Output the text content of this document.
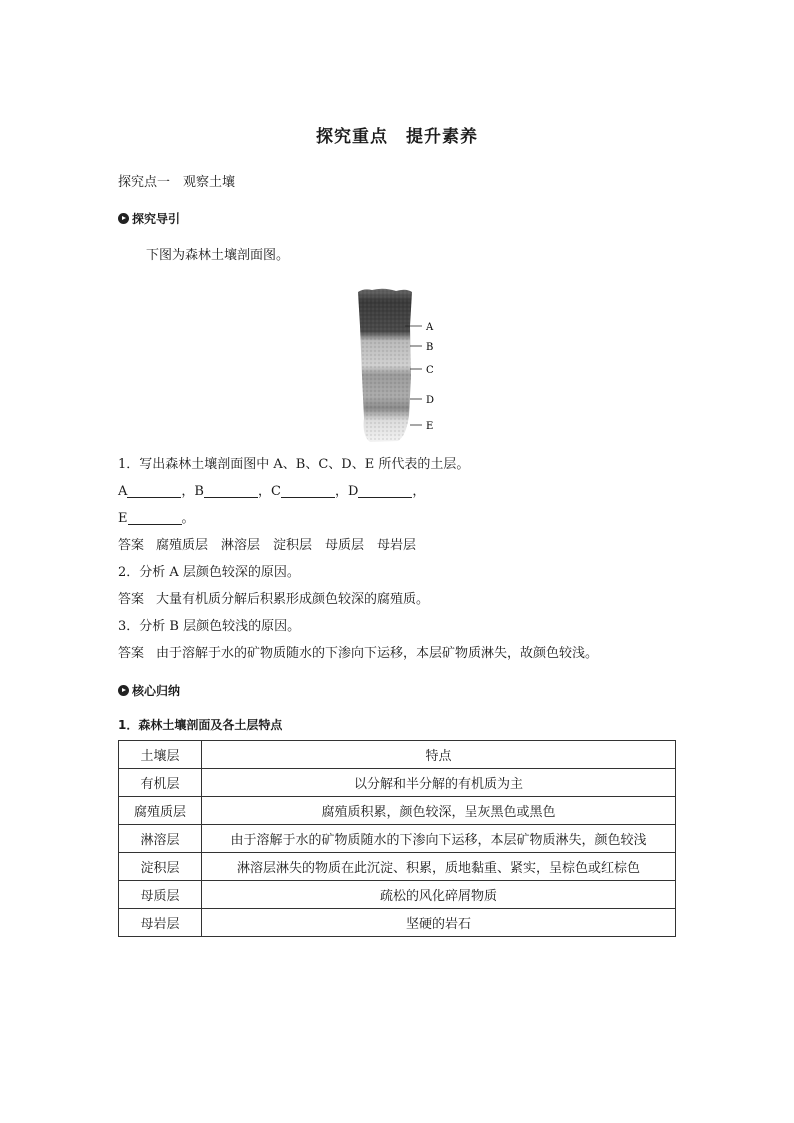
探究重点　提升素养
探究点一　观察土壤
探究导引
下图为森林土壤剖面图。
A
B
C
D
E
1．写出森林土壤剖面图中 A、B、C、D、E 所代表的土层。
A	，B	，C	，D	，
E	。
答案 腐殖质层　淋溶层　淀积层　母质层　母岩层
2．分析 A 层颜色较深的原因。
答案 大量有机质分解后积累形成颜色较深的腐殖质。
3．分析 B 层颜色较浅的原因。
答案 由于溶解于水的矿物质随水的下渗向下运移，本层矿物质淋失，故颜色较浅。
核心归纳
1．森林土壤剖面及各土层特点
土壤层	特点
有机层	以分解和半分解的有机质为主
腐殖质层	腐殖质积累，颜色较深，呈灰黑色或黑色
淋溶层	由于溶解于水的矿物质随水的下渗向下运移，本层矿物质淋失，颜色较浅
淀积层	淋溶层淋失的物质在此沉淀、积累，质地黏重、紧实，呈棕色或红棕色
母质层	疏松的风化碎屑物质
母岩层	坚硬的岩石
